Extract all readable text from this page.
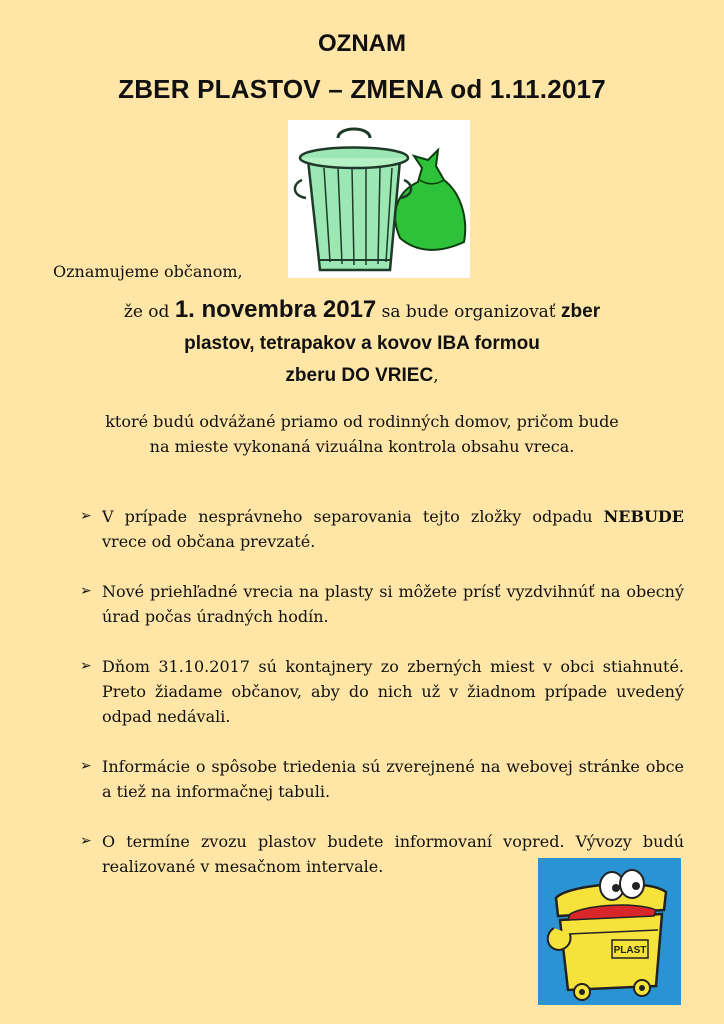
OZNAM
ZBER PLASTOV – ZMENA od 1.11.2017
Oznamujeme občanom,
že od 1. novembra 2017 sa bude organizovať zber
plastov, tetrapakov a kovov IBA formou
zberu DO VRIEC,
ktoré budú odvážané priamo od rodinných domov, pričom bude
na mieste vykonaná vizuálna kontrola obsahu vreca.
➢ V prípade nesprávneho separovania tejto zložky odpadu NEBUDE vrece od občana prevzaté.
➢ Nové priehľadné vrecia na plasty si môžete prísť vyzdvihnúť na obecný úrad počas úradných hodín.
➢ Dňom 31.10.2017 sú kontajnery zo zberných miest v obci stiahnuté. Preto žiadame občanov, aby do nich už v žiadnom prípade uvedený odpad nedávali.
➢ Informácie o spôsobe triedenia sú zverejnené na webovej stránke obce a tiež na informačnej tabuli.
➢ O termíne zvozu plastov budete informovaní vopred. Vývozy budú realizované v mesačnom intervale.
PLAST
